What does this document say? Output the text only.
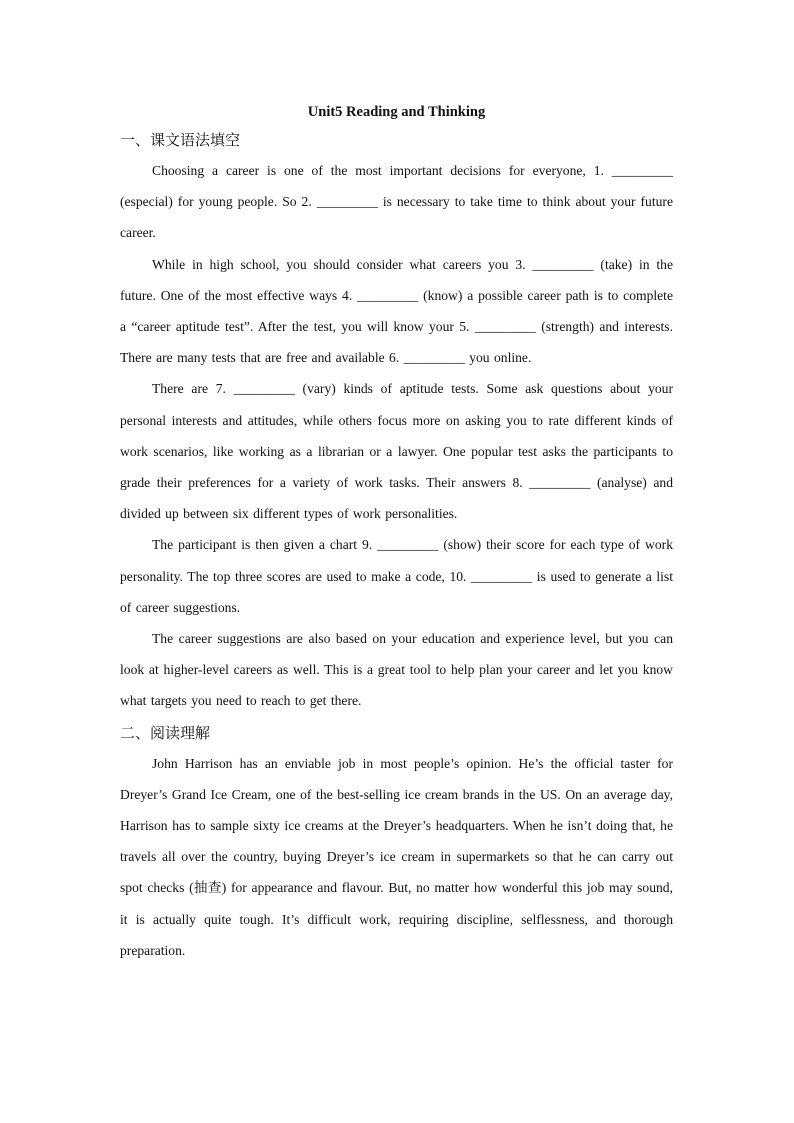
Unit5 Reading and Thinking
一、课文语法填空

Choosing a career is one of the most important decisions for everyone, 1. _________ (especial) for young people. So 2. _________ is necessary to take time to think about your future career.

While in high school, you should consider what careers you 3. _________ (take) in the future. One of the most effective ways 4. _________ (know) a possible career path is to complete a “career aptitude test”. After the test, you will know your 5. _________ (strength) and interests. There are many tests that are free and available 6. _________ you online.

There are 7. _________ (vary) kinds of aptitude tests. Some ask questions about your personal interests and attitudes, while others focus more on asking you to rate different kinds of work scenarios, like working as a librarian or a lawyer. One popular test asks the participants to grade their preferences for a variety of work tasks. Their answers 8. _________ (analyse) and divided up between six different types of work personalities.

The participant is then given a chart 9. _________ (show) their score for each type of work personality. The top three scores are used to make a code, 10. _________ is used to generate a list of career suggestions.

The career suggestions are also based on your education and experience level, but you can look at higher-level careers as well. This is a great tool to help plan your career and let you know what targets you need to reach to get there.

二、阅读理解

John Harrison has an enviable job in most people’s opinion. He’s the official taster for Dreyer’s Grand Ice Cream, one of the best-selling ice cream brands in the US. On an average day, Harrison has to sample sixty ice creams at the Dreyer’s headquarters. When he isn’t doing that, he travels all over the country, buying Dreyer’s ice cream in supermarkets so that he can carry out spot checks (抽查) for appearance and flavour. But, no matter how wonderful this job may sound, it is actually quite tough. It’s difficult work, requiring discipline, selflessness, and thorough preparation.
